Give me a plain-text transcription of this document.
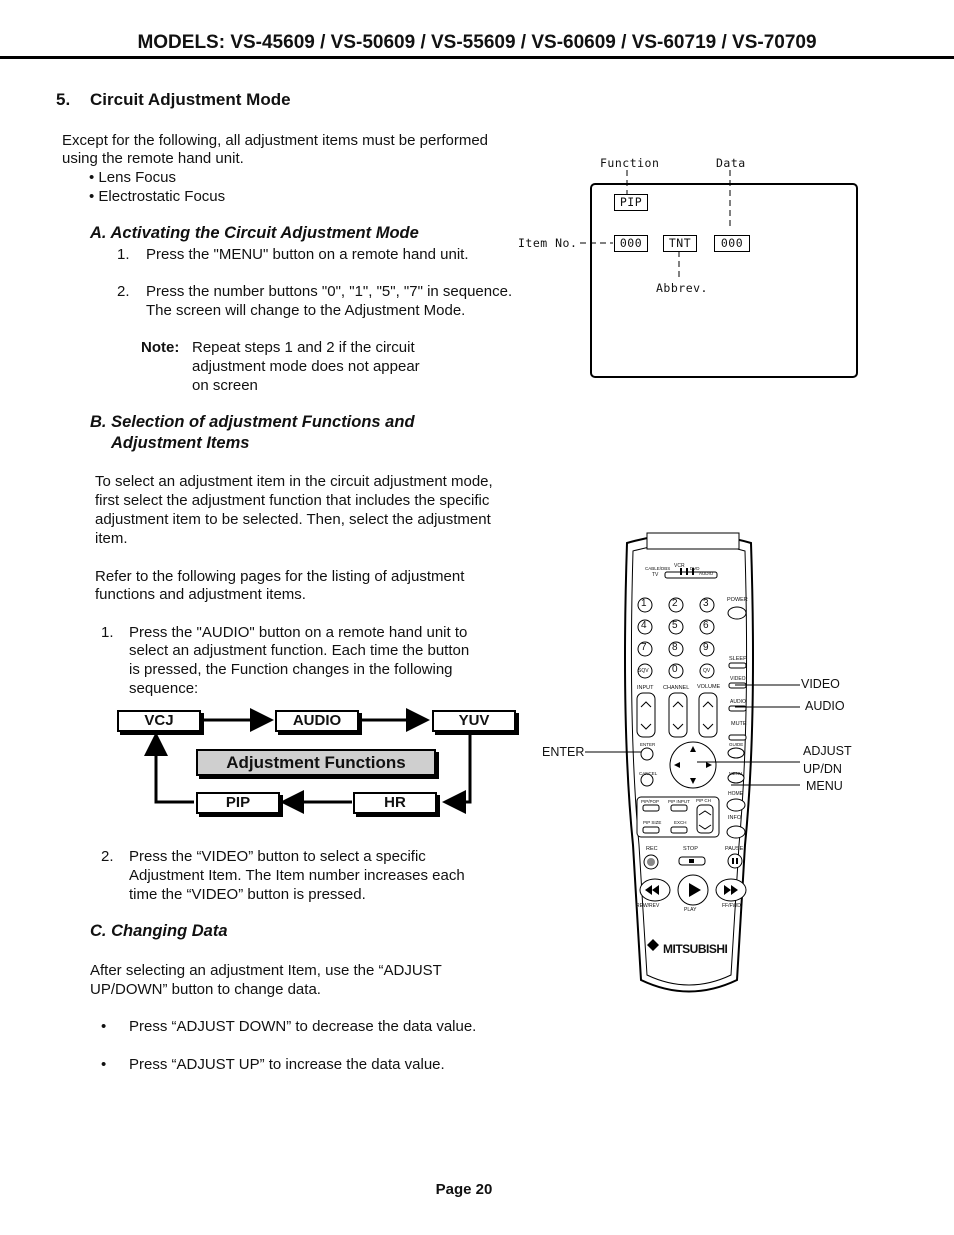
MODELS: VS-45609 / VS-50609 / VS-55609 / VS-60609 / VS-60719 / VS-70709
5. Circuit Adjustment Mode
Except for the following, all adjustment items must be performed
using the remote hand unit.
• Lens Focus
• Electrostatic Focus
A. Activating the Circuit Adjustment Mode
1. Press the "MENU" button on a remote hand unit.
2. Press the number buttons "0", "1", "5", "7" in sequence.
The screen will change to the Adjustment Mode.
Note: Repeat steps 1 and 2 if the circuit
adjustment mode does not appear
on screen
B. Selection of adjustment Functions and
Adjustment Items
To select an adjustment item in the circuit adjustment mode,
first select the adjustment function that includes the specific
adjustment item to be selected. Then, select the adjustment
item.
Refer to the following pages for the listing of adjustment
functions and adjustment items.
1. Press the "AUDIO" button on a remote hand unit to
select an adjustment function. Each time the button
is pressed, the Function changes in the following
sequence:
VCJ	AUDIO	YUV
PIP	HR
Adjustment Functions
2. Press the “VIDEO” button to select a specific
Adjustment Item. The Item number increases each
time the “VIDEO” button is pressed.
C. Changing Data
After selecting an adjustment Item, use the “ADJUST
UP/DOWN” button to change data.
• Press “ADJUST DOWN” to decrease the data value.
• Press “ADJUST UP” to increase the data value.
Function	Data
Item No.
Abbrev.
PIP
000	TNT	000
CABLE/DBS VCR DVD
TV	AUDIO
POWER
1	2	3
4	5	6
7	8	9
SQV 0	QV
SLEEP
VIDEO
AUDIO
MUTE
INPUT CHANNEL VOLUME
ENTER	GUIDE
CANCEL	MENU
HOME
PIP/POP PIP INPUT PIP CH
PIP SIZE	EXCH
INFO
REC	STOP	PAUSE
REW/REV
PLAY
FF/FWD
MITSUBISHI
VIDEO
AUDIO
ENTER	ADJUST
UP/DN
MENU
Page 20
